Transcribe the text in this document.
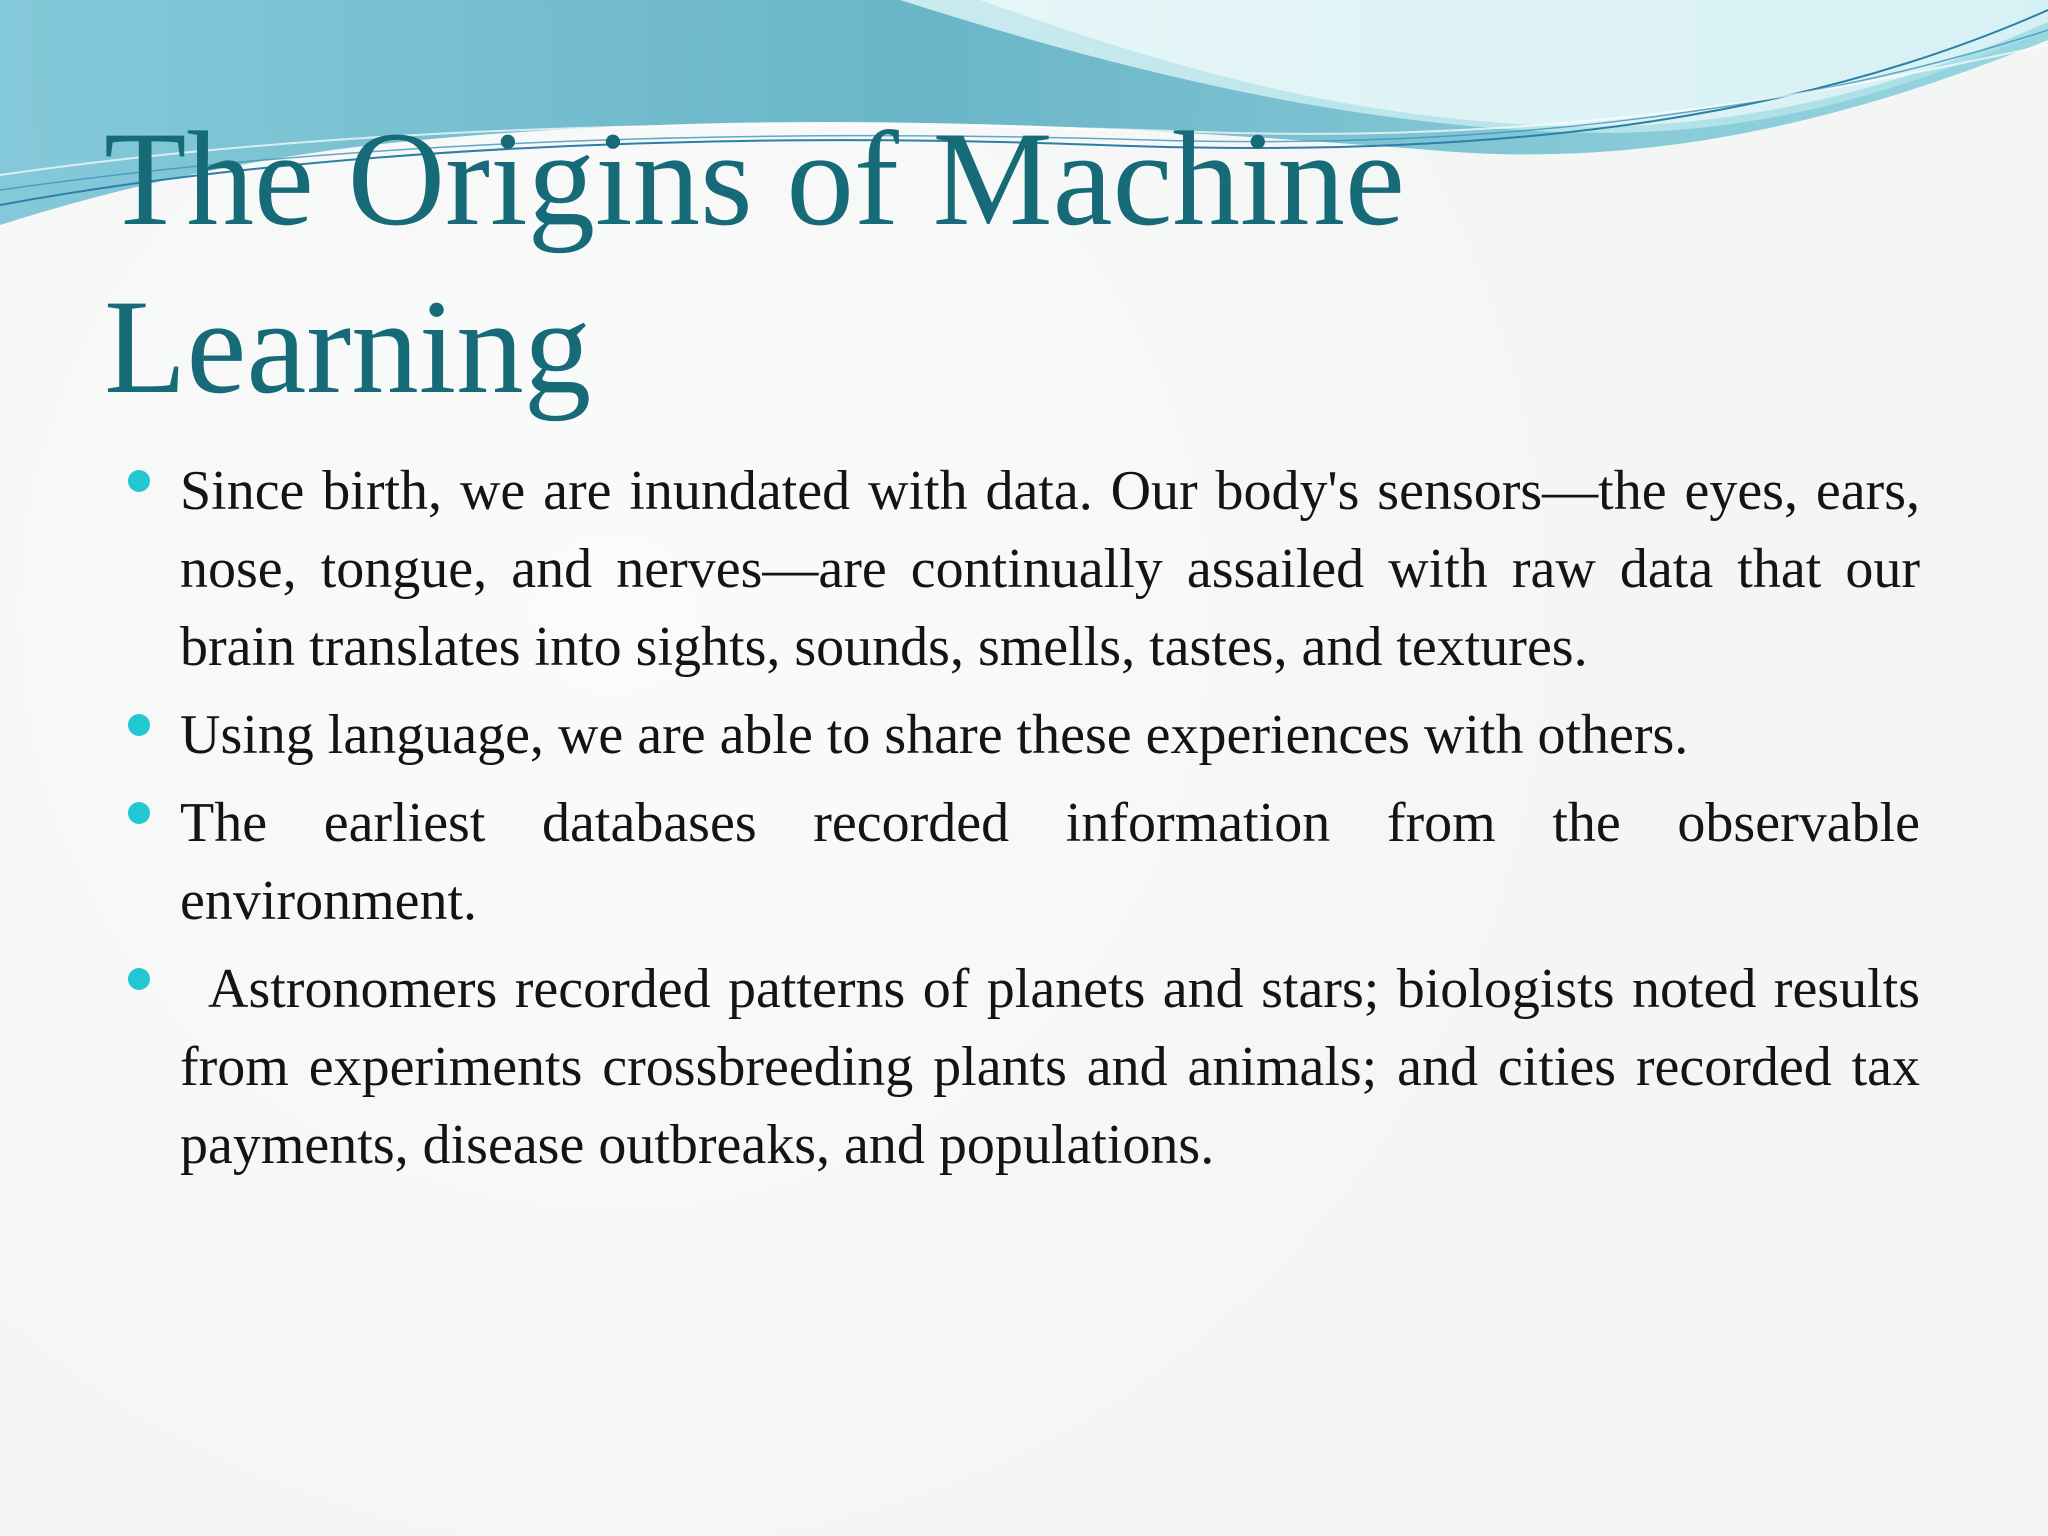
The Origins of Machine Learning
Since birth, we are inundated with data. Our body's sensors—the eyes, ears, nose, tongue, and nerves—are continually assailed with raw data that our brain translates into sights, sounds, smells, tastes, and textures.
Using language, we are able to share these experiences with others.
The earliest databases recorded information from the observable environment.
Astronomers recorded patterns of planets and stars; biologists noted results from experiments crossbreeding plants and animals; and cities recorded tax payments, disease outbreaks, and populations.
